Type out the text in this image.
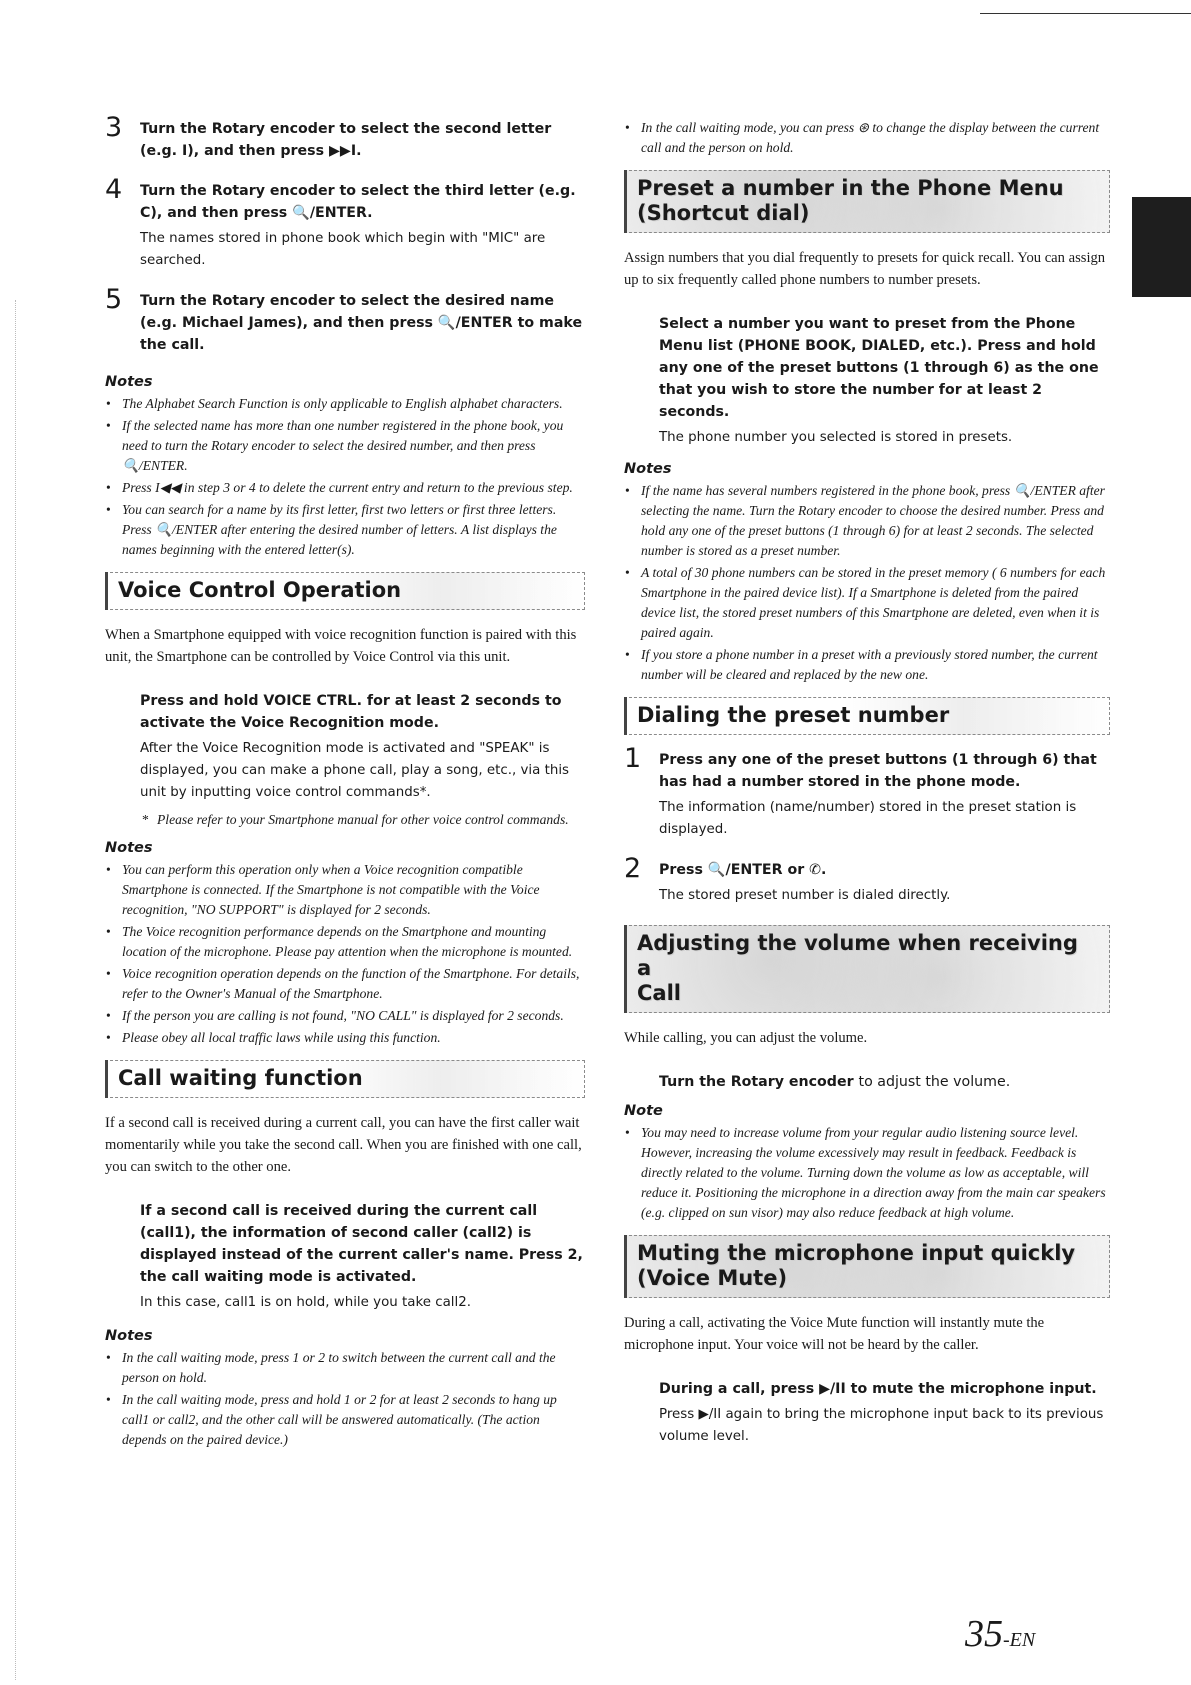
3	Turn the Rotary encoder to select the second letter (e.g. I), and then press ▶▶I.
4	Turn the Rotary encoder to select the third letter (e.g. C), and then press 🔍/ENTER.
The names stored in phone book which begin with "MIC" are searched.
5	Turn the Rotary encoder to select the desired name (e.g. Michael James), and then press 🔍/ENTER to make the call.
Notes
• The Alphabet Search Function is only applicable to English alphabet characters.
• If the selected name has more than one number registered in the phone book, you need to turn the Rotary encoder to select the desired number, and then press 🔍/ENTER.
• Press I◀◀ in step 3 or 4 to delete the current entry and return to the previous step.
• You can search for a name by its first letter, first two letters or first three letters. Press 🔍/ENTER after entering the desired number of letters. A list displays the names beginning with the entered letter(s).
Voice Control Operation

When a Smartphone equipped with voice recognition function is paired with this unit, the Smartphone can be controlled by Voice Control via this unit.

Press and hold VOICE CTRL. for at least 2 seconds to activate the Voice Recognition mode.
After the Voice Recognition mode is activated and "SPEAK" is displayed, you can make a phone call, play a song, etc., via this unit by inputting voice control commands*.
* Please refer to your Smartphone manual for other voice control commands.
Notes
• You can perform this operation only when a Voice recognition compatible Smartphone is connected. If the Smartphone is not compatible with the Voice recognition, "NO SUPPORT" is displayed for 2 seconds.
• The Voice recognition performance depends on the Smartphone and mounting location of the microphone. Please pay attention when the microphone is mounted.
• Voice recognition operation depends on the function of the Smartphone. For details, refer to the Owner's Manual of the Smartphone.
• If the person you are calling is not found, "NO CALL" is displayed for 2 seconds.
• Please obey all local traffic laws while using this function.
Call waiting function

If a second call is received during a current call, you can have the first caller wait momentarily while you take the second call. When you are finished with one call, you can switch to the other one.

If a second call is received during the current call (call1), the information of second caller (call2) is displayed instead of the current caller's name. Press 2, the call waiting mode is activated.
In this case, call1 is on hold, while you take call2.
Notes
• In the call waiting mode, press 1 or 2 to switch between the current call and the person on hold.
• In the call waiting mode, press and hold 1 or 2 for at least 2 seconds to hang up call1 or call2, and the other call will be answered automatically. (The action depends on the paired device.)
• In the call waiting mode, you can press ⊛ to change the display between the current call and the person on hold.
Preset a number in the Phone Menu
(Shortcut dial)

Assign numbers that you dial frequently to presets for quick recall. You can assign up to six frequently called phone numbers to number presets.

Select a number you want to preset from the Phone Menu list (PHONE BOOK, DIALED, etc.). Press and hold any one of the preset buttons (1 through 6) as the one that you wish to store the number for at least 2 seconds.
The phone number you selected is stored in presets.
Notes
• If the name has several numbers registered in the phone book, press 🔍/ENTER after selecting the name. Turn the Rotary encoder to choose the desired number. Press and hold any one of the preset buttons (1 through 6) for at least 2 seconds. The selected number is stored as a preset number.
• A total of 30 phone numbers can be stored in the preset memory ( 6 numbers for each Smartphone in the paired device list). If a Smartphone is deleted from the paired device list, the stored preset numbers of this Smartphone are deleted, even when it is paired again.
• If you store a phone number in a preset with a previously stored number, the current number will be cleared and replaced by the new one.
Dialing the preset number
1	Press any one of the preset buttons (1 through 6) that has had a number stored in the phone mode.
The information (name/number) stored in the preset station is displayed.
2	Press 🔍/ENTER or ✆.
The stored preset number is dialed directly.
Adjusting the volume when receiving a
Call

While calling, you can adjust the volume.

Turn the Rotary encoder to adjust the volume.
Note
• You may need to increase volume from your regular audio listening source level. However, increasing the volume excessively may result in feedback. Feedback is directly related to the volume. Turning down the volume as low as acceptable, will reduce it. Positioning the microphone in a direction away from the main car speakers (e.g. clipped on sun visor) may also reduce feedback at high volume.
Muting the microphone input quickly
(Voice Mute)

During a call, activating the Voice Mute function will instantly mute the microphone input. Your voice will not be heard by the caller.

During a call, press ▶/II to mute the microphone input.
Press ▶/II again to bring the microphone input back to its previous volume level.
35-EN
